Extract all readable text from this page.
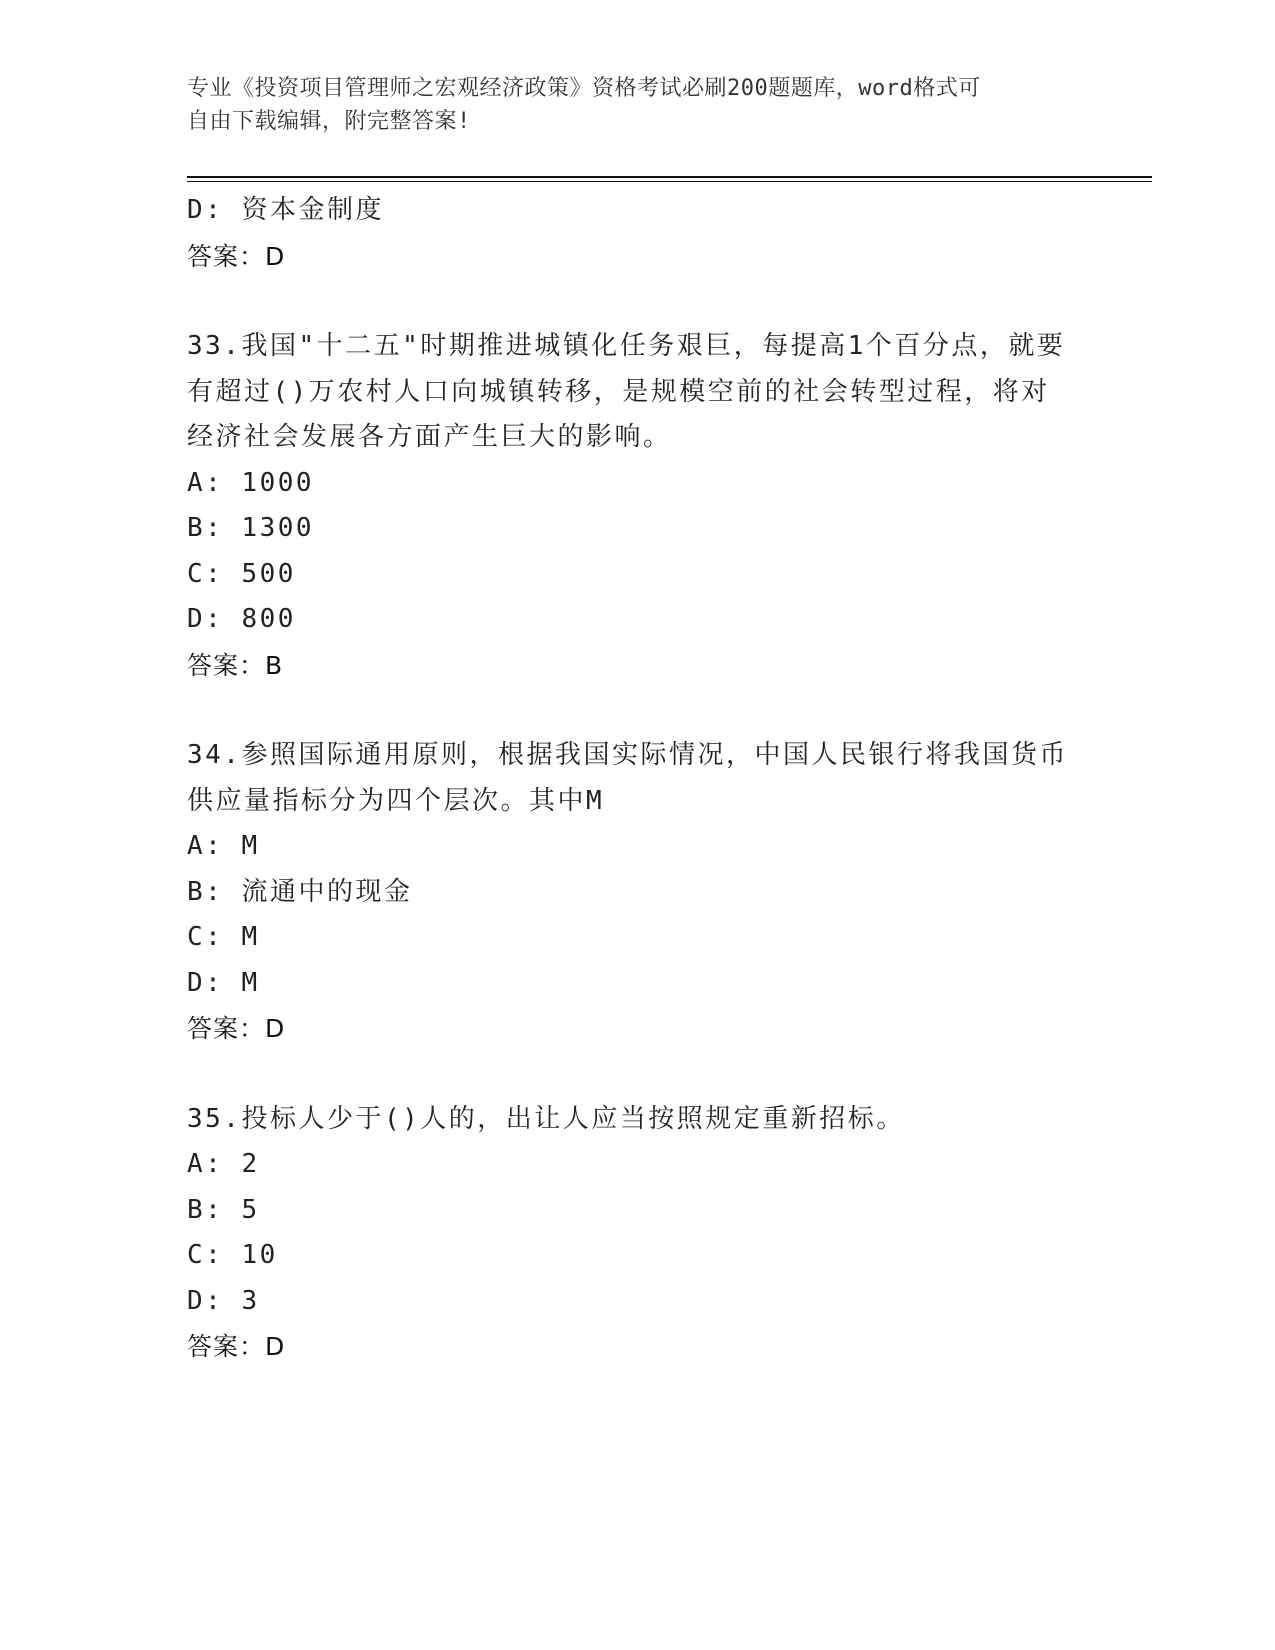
专业《投资项目管理师之宏观经济政策》资格考试必刷200题题库，word格式可
自由下载编辑，附完整答案!
D: 资本金制度
答案：D
33.我国"十二五"时期推进城镇化任务艰巨，每提高1个百分点，就要
有超过()万农村人口向城镇转移，是规模空前的社会转型过程，将对
经济社会发展各方面产生巨大的影响。
A: 1000
B: 1300
C: 500
D: 800
答案：B
34.参照国际通用原则，根据我国实际情况，中国人民银行将我国货币
供应量指标分为四个层次。其中M
A: M
B: 流通中的现金
C: M
D: M
答案：D
35.投标人少于()人的，出让人应当按照规定重新招标。
A: 2
B: 5
C: 10
D: 3
答案：D
